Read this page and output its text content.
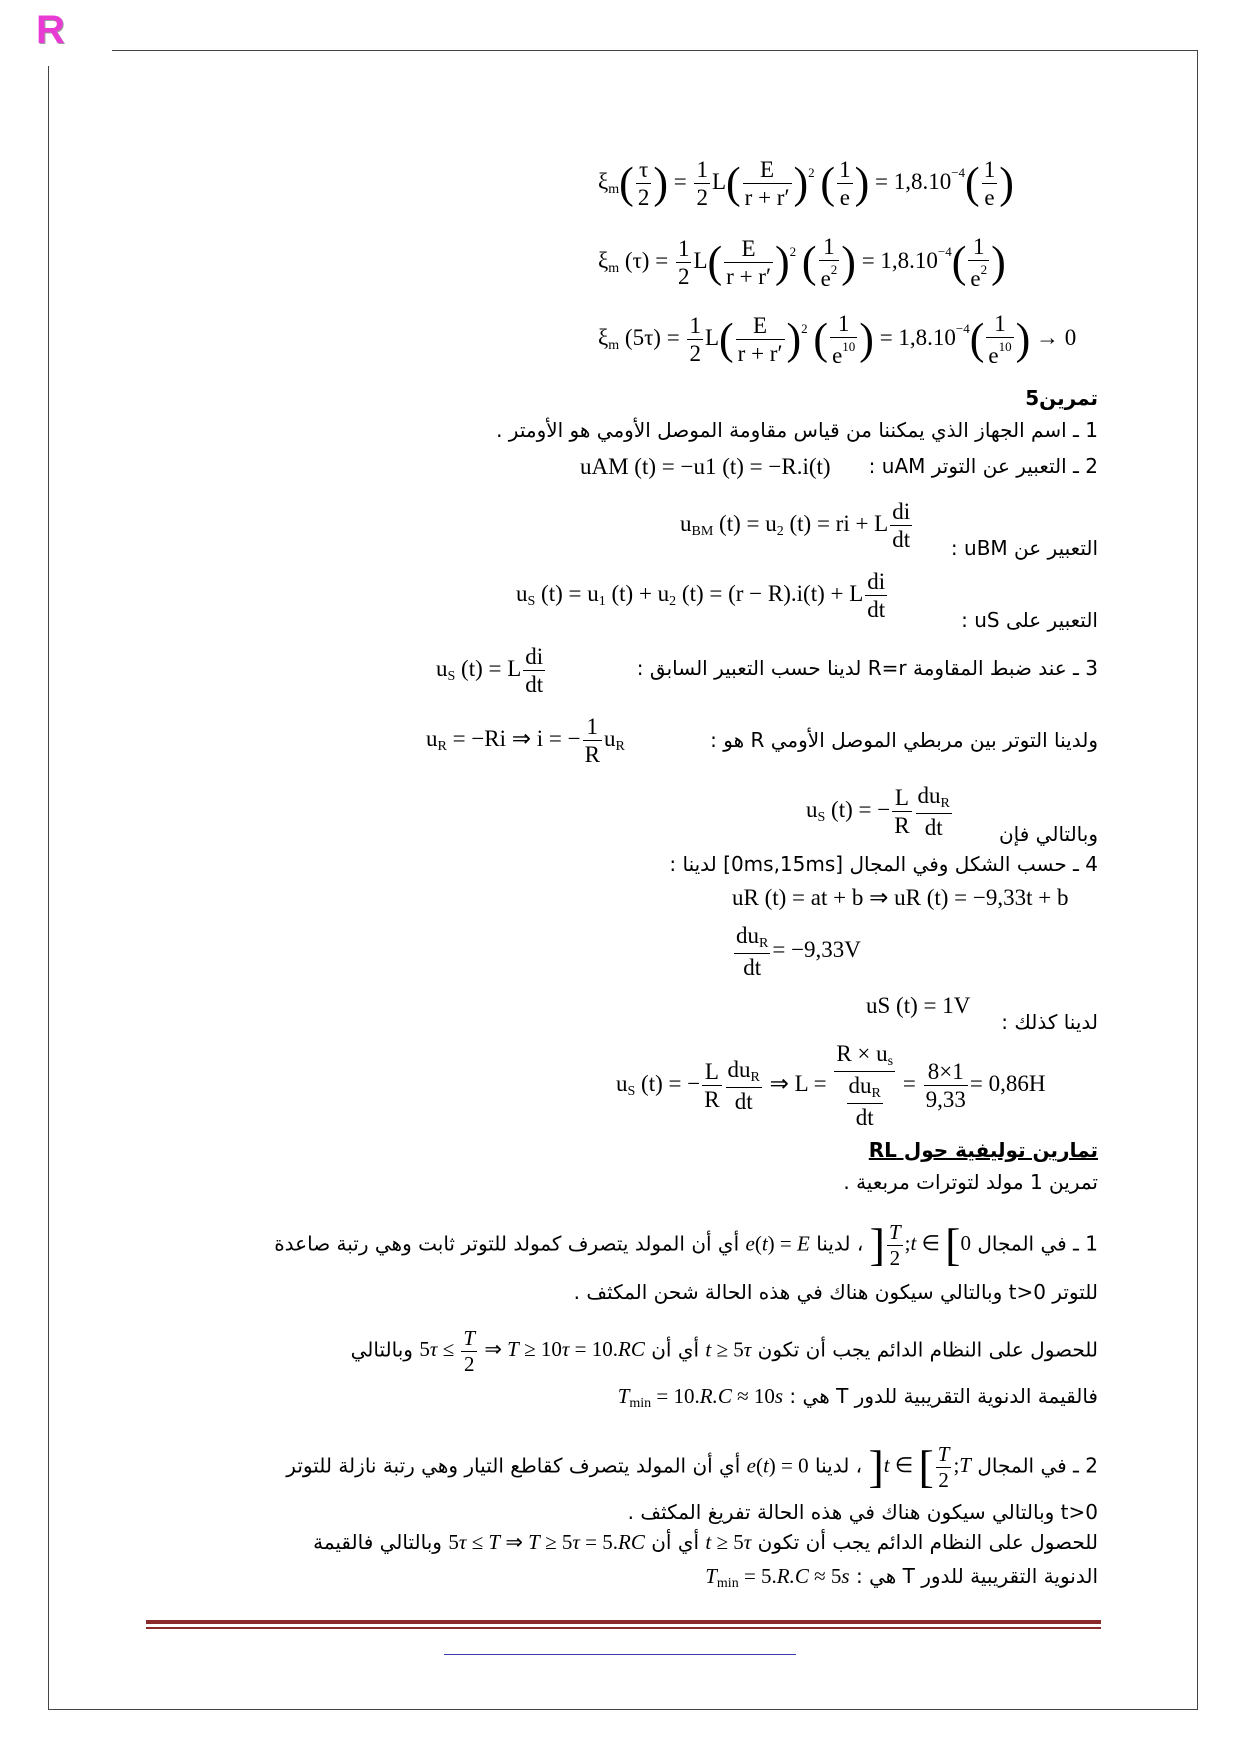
R
$\xi_m( \frac{\tau}{2}$ ) = $\frac{1}{2} L( \frac{E}{r + r'} )^2$ ( $\frac{1}{e}$ ) = $1,8.10^{-4}( \frac{1}{e}$ )
$\xi_m$ $(\tau) = \frac{1}{2} L( \frac{E}{r + r'} )^2$ ( $\frac{1}{e^2}$ ) = $1,8.10^{-4}( \frac{1}{e^2}$ )
$\xi_m$ $(5\tau) = \frac{1}{2} L( \frac{E}{r + r'} )^2$ ( $\frac{1}{e^{10}}$ ) = $1,8.10^{-4}( \frac{1}{e^{10}}$ ) → 0
تمرين5
1 ـ اسم الجهاز الذي يمكننا من قياس مقاومة الموصل الأومي هو الأومتر .
2 ـ التعبير عن التوتر uAM :
uAM (t) = −u1 (t) = −R.i(t)
$u_{BM}$ $(t) = u_2$ (t) = ri + L $\frac{di}{dt}$ التعبير عن uBM :
$u_S$ $(t) = u_1$ $(t) + u_2$ (t) = (r − R).i(t) + L $\frac{di}{dt}$	التعبير على uS :
3 ـ عند ضبط المقاومة R=r لدينا حسب التعبير السابق :
$u_S$ (t) = L $\frac{di}{dt}$
ولدينا التوتر بين مربطي الموصل الأومي R هو :
$u_R = -Ri$ ⇒ i = − $\frac{1}{R} u_R$
$u_S$ (t) = − $\frac{L}{R} \frac{du_R}{dt}$ وبالتالي فإن
4 ـ حسب الشكل وفي المجال [0ms,15ms] لدينا :
uR (t) = at + b ⇒ uR (t) = −9,33t + b
$\frac{du_R}{dt} = -9,33V$
لدينا كذلك :
uS (t) = 1V
$u_S$ (t) = − $\frac{L}{R} \frac{du_R}{dt}$ ⇒ $L = \frac{R \times u_s}{\frac{du_R}{dt}} = \frac{8\times 1}{9,33} = 0,86H$
تمارين توليفية حول RL
تمرين 1 مولد لتوترات مربعية .
1 ـ في المجال t ∈ [0;
$\frac{T}{2}$
[ ، لدينا e(t) = E أي أن المولد يتصرف كمولد للتوتر ثابت وهي رتبة صاعدة
للتوتر t>0 وبالتالي سيكون هناك في هذه الحالة شحن المكثف .
للحصول على النظام الدائم يجب أن تكون t ≥ 5τ أي أن $5\tau \le \frac{T}{2}$ ⇒ T ≥ 10τ = 10.RC وبالتالي
فالقيمة الدنوية التقريبية للدور T هي : $T_{min} = 10.R.C \approx 10s$
2 ـ في المجال t ∈ [ $\frac{T}{2}$ ;T[ ، لدينا e(t) = 0 أي أن المولد يتصرف كقاطع التيار وهي رتبة نازلة للتوتر
t>0 وبالتالي سيكون هناك في هذه الحالة تفريغ المكثف .
للحصول على النظام الدائم يجب أن تكون t ≥ 5τ أي أن 5τ ≤ T ⇒ T ≥ 5τ = 5.RC وبالتالي فالقيمة
الدنوية التقريبية للدور T هي : $T_{min} = 5.R.C \approx 5s$
